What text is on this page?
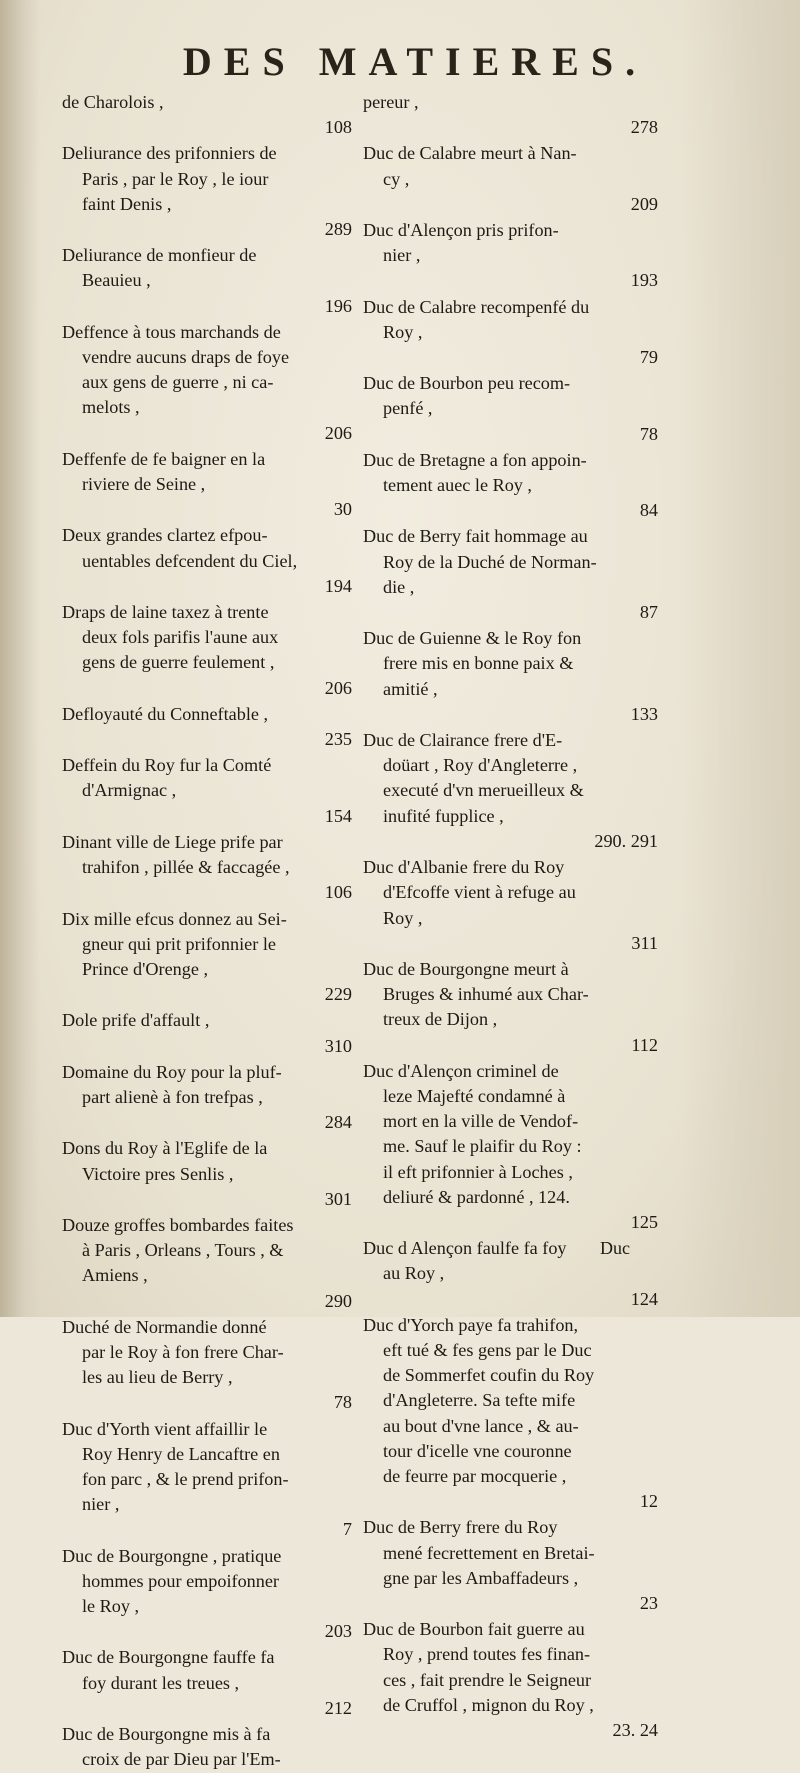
DES MATIERES.
de Charolois ,
108
Deliurance des prifonniers de
Paris , par le Roy , le iour
faint Denis ,
289
Deliurance de monfieur de
Beauieu ,
196
Deffence à tous marchands de
vendre aucuns draps de foye
aux gens de guerre , ni ca-
melots ,
206
Deffenfe de fe baigner en la
riviere de Seine ,
30
Deux grandes clartez efpou-
uentables defcendent du Ciel,
194
Draps de laine taxez à trente
deux fols parifis l'aune aux
gens de guerre feulement ,
206
Defloyauté du Conneftable ,
235
Deffein du Roy fur la Comté
d'Armignac ,
154
Dinant ville de Liege prife par
trahifon , pillée & faccagée ,
106
Dix mille efcus donnez au Sei-
gneur qui prit prifonnier le
Prince d'Orenge ,
229
Dole prife d'affault ,
310
Domaine du Roy pour la pluf-
part alienè à fon trefpas ,
284
Dons du Roy à l'Eglife de la
Victoire pres Senlis ,
301
Douze groffes bombardes faites
à Paris , Orleans , Tours , &
Amiens ,
290
Duché de Normandie donné
par le Roy à fon frere Char-
les au lieu de Berry ,
78
Duc d'Yorth vient affaillir le
Roy Henry de Lancaftre en
fon parc , & le prend prifon-
nier ,
7
Duc de Bourgongne , pratique
hommes pour empoifonner
le Roy ,
203
Duc de Bourgongne fauffe fa
foy durant les treues ,
212
Duc de Bourgongne mis à fa
croix de par Dieu par l'Em-
pereur ,
278
Duc de Calabre meurt à Nan-
cy ,
209
Duc d'Alençon pris prifon-
nier ,
193
Duc de Calabre recompenfé du
Roy ,
79
Duc de Bourbon peu recom-
penfé ,
78
Duc de Bretagne a fon appoin-
tement auec le Roy ,
84
Duc de Berry fait hommage au
Roy de la Duché de Norman-
die ,
87
Duc de Guienne & le Roy fon
frere mis en bonne paix &
amitié ,
133
Duc de Clairance frere d'E-
doüart , Roy d'Angleterre ,
executé d'vn merueilleux &
inufité fupplice ,
290. 291
Duc d'Albanie frere du Roy
d'Efcoffe vient à refuge au
Roy ,
311
Duc de Bourgongne meurt à
Bruges & inhumé aux Char-
treux de Dijon ,
112
Duc d'Alençon criminel de
leze Majefté condamné à
mort en la ville de Vendof-
me. Sauf le plaifir du Roy :
il eft prifonnier à Loches ,
deliuré & pardonné , 124.
125
Duc d Alençon faulfe fa foy
au Roy ,
124
Duc d'Yorch paye fa trahifon,
eft tué & fes gens par le Duc
de Sommerfet coufin du Roy
d'Angleterre. Sa tefte mife
au bout d'vne lance , & au-
tour d'icelle vne couronne
de feurre par mocquerie ,
12
Duc de Berry frere du Roy
mené fecrettement en Bretai-
gne par les Ambaffadeurs ,
23
Duc de Bourbon fait guerre au
Roy , prend toutes fes finan-
ces , fait prendre le Seigneur
de Cruffol , mignon du Roy ,
23. 24
Duc
